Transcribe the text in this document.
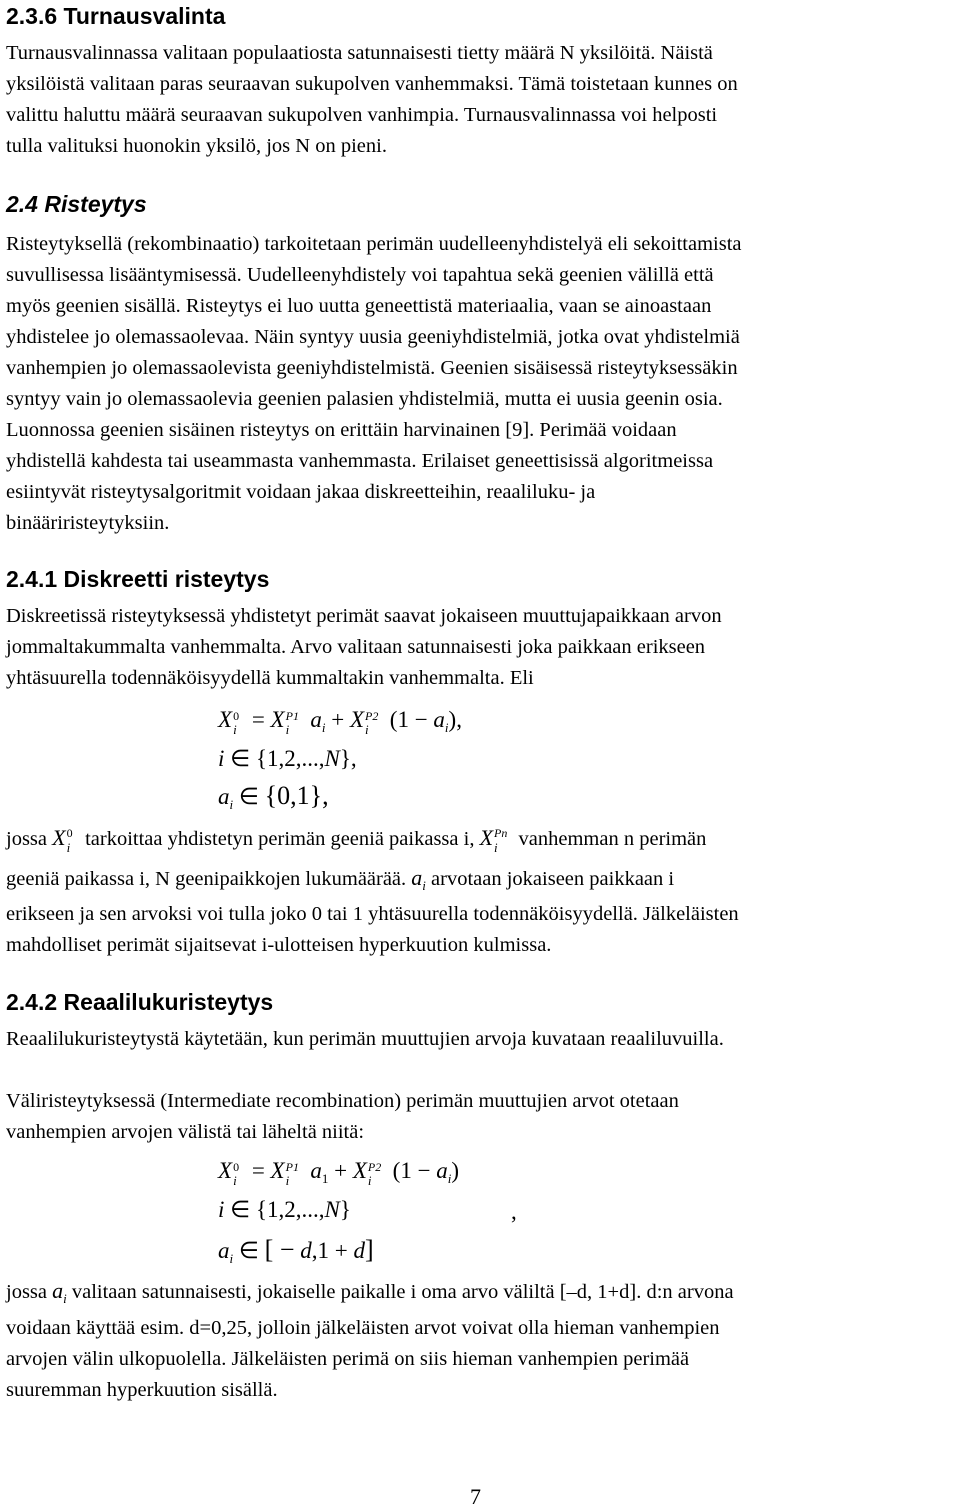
2.3.6 Turnausvalinta

Turnausvalinnassa valitaan populaatiosta satunnaisesti tietty määrä N yksilöitä. Näistä

yksilöistä valitaan paras seuraavan sukupolven vanhemmaksi. Tämä toistetaan kunnes on

valittu haluttu määrä seuraavan sukupolven vanhimpia. Turnausvalinnassa voi helposti

tulla valituksi huonokin yksilö, jos N on pieni.

2.4 Risteytys

Risteytyksellä (rekombinaatio) tarkoitetaan perimän uudelleenyhdistelyä eli sekoittamista

suvullisessa lisääntymisessä. Uudelleenyhdistely voi tapahtua sekä geenien välillä että

myös geenien sisällä. Risteytys ei luo uutta geneettistä materiaalia, vaan se ainoastaan

yhdistelee jo olemassaolevaa. Näin syntyy uusia geeniyhdistelmiä, jotka ovat yhdistelmiä

vanhempien jo olemassaolevista geeniyhdistelmistä. Geenien sisäisessä risteytyksessäkin

syntyy vain jo olemassaolevia geenien palasien yhdistelmiä, mutta ei uusia geenin osia.

Luonnossa geenien sisäinen risteytys on erittäin harvinainen [9]. Perimää voidaan

yhdistellä kahdesta tai useammasta vanhemmasta. Erilaiset geneettisissä algoritmeissa

esiintyvät risteytysalgoritmit voidaan jakaa diskreetteihin, reaaliluku- ja

binääriristeytyksiin.

2.4.1 Diskreetti risteytys

Diskreetissä risteytyksessä yhdistetyt perimät saavat jokaiseen muuttujapaikkaan arvon

jommaltakummalta vanhemmalta. Arvo valitaan satunnaisesti joka paikkaan erikseen

yhtäsuurella todennäköisyydellä kummaltakin vanhemmalta. Eli

X 0
i = X P1
i $a_i + X$ P2
i $(1 - a_i)$,
i ∈ {1,2,...,N},
$a_i$ ∈ {0,1},

jossa X 0
i tarkoittaa yhdistetyn perimän geeniä paikassa i, X Pn
i vanhemman n perimän

geeniä paikassa i, N geenipaikkojen lukumäärää. $a_i$ arvotaan jokaiseen paikkaan i

erikseen ja sen arvoksi voi tulla joko 0 tai 1 yhtäsuurella todennäköisyydellä. Jälkeläisten

mahdolliset perimät sijaitsevat i-ulotteisen hyperkuution kulmissa.

2.4.2 Reaalilukuristeytys

Reaalilukuristeytystä käytetään, kun perimän muuttujien arvoja kuvataan reaaliluvuilla.

Väliristeytyksessä (Intermediate recombination) perimän muuttujien arvot otetaan

vanhempien arvojen välistä tai läheltä niitä:

X 0
i = X P1
i $a_1 + X$ P2
i $(1 - a_i)$
i ∈ {1,2,...,N}	,
$a_i$ ∈ [ − d,1 + d]

jossa $a_i$ valitaan satunnaisesti, jokaiselle paikalle i oma arvo väliltä [–d, 1+d]. d:n arvona

voidaan käyttää esim. d=0,25, jolloin jälkeläisten arvot voivat olla hieman vanhempien

arvojen välin ulkopuolella. Jälkeläisten perimä on siis hieman vanhempien perimää

suuremman hyperkuution sisällä.

7
